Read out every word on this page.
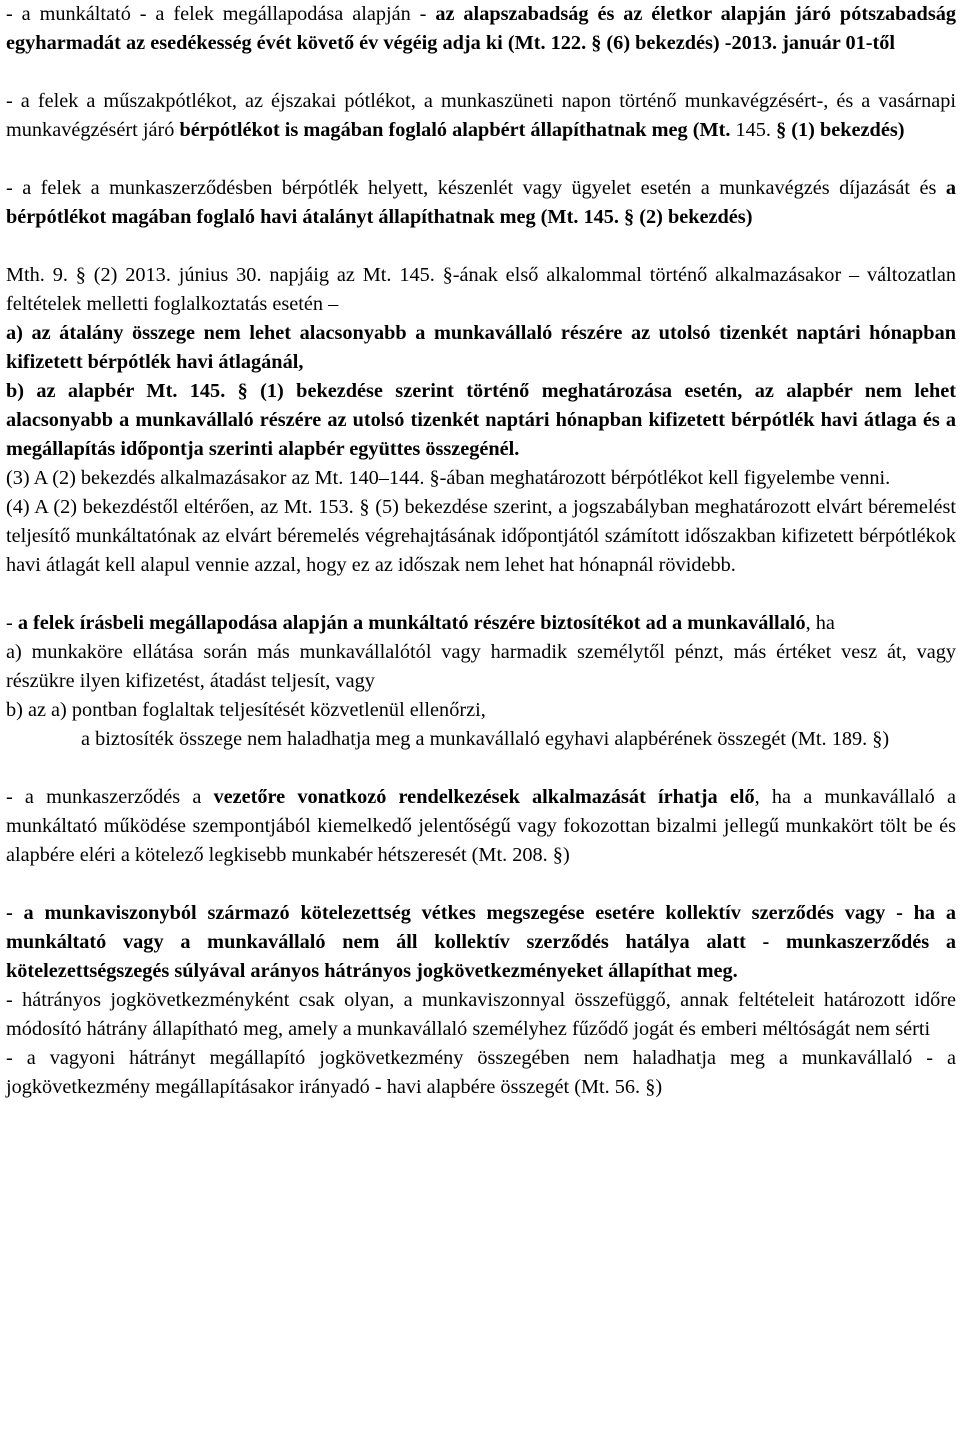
- a munkáltató - a felek megállapodása alapján - az alapszabadság és az életkor alapján járó pótszabadság egyharmadát az esedékesség évét követő év végéig adja ki (Mt. 122. § (6) bekezdés) -2013. január 01-től

- a felek a műszakpótlékot, az éjszakai pótlékot, a munkaszüneti napon történő munkavégzésért-, és a vasárnapi munkavégzésért járó bérpótlékot is magában foglaló alapbért állapíthatnak meg (Mt. 145. § (1) bekezdés)

- a felek a munkaszerződésben bérpótlék helyett, készenlét vagy ügyelet esetén a munkavégzés díjazását és a bérpótlékot magában foglaló havi átalányt állapíthatnak meg (Mt. 145. § (2) bekezdés)

Mth. 9. § (2) 2013. június 30. napjáig az Mt. 145. §-ának első alkalommal történő alkalmazásakor – változatlan feltételek melletti foglalkoztatás esetén –

a) az átalány összege nem lehet alacsonyabb a munkavállaló részére az utolsó tizenkét naptári hónapban kifizetett bérpótlék havi átlagánál,

b) az alapbér Mt. 145. § (1) bekezdése szerint történő meghatározása esetén, az alapbér nem lehet alacsonyabb a munkavállaló részére az utolsó tizenkét naptári hónapban kifizetett bérpótlék havi átlaga és a megállapítás időpontja szerinti alapbér együttes összegénél.

(3) A (2) bekezdés alkalmazásakor az Mt. 140–144. §-ában meghatározott bérpótlékot kell figyelembe venni.

(4) A (2) bekezdéstől eltérően, az Mt. 153. § (5) bekezdése szerint, a jogszabályban meghatározott elvárt béremelést teljesítő munkáltatónak az elvárt béremelés végrehajtásának időpontjától számított időszakban kifizetett bérpótlékok havi átlagát kell alapul vennie azzal, hogy ez az időszak nem lehet hat hónapnál rövidebb.

- a felek írásbeli megállapodása alapján a munkáltató részére biztosítékot ad a munkavállaló, ha

a) munkaköre ellátása során más munkavállalótól vagy harmadik személytől pénzt, más értéket vesz át, vagy részükre ilyen kifizetést, átadást teljesít, vagy

b) az a) pontban foglaltak teljesítését közvetlenül ellenőrzi,

a biztosíték összege nem haladhatja meg a munkavállaló egyhavi alapbérének összegét (Mt. 189. §)

- a munkaszerződés a vezetőre vonatkozó rendelkezések alkalmazását írhatja elő, ha a munkavállaló a munkáltató működése szempontjából kiemelkedő jelentőségű vagy fokozottan bizalmi jellegű munkakört tölt be és alapbére eléri a kötelező legkisebb munkabér hétszeresét (Mt. 208. §)

- a munkaviszonyból származó kötelezettség vétkes megszegése esetére kollektív szerződés vagy - ha a munkáltató vagy a munkavállaló nem áll kollektív szerződés hatálya alatt - munkaszerződés a kötelezettségszegés súlyával arányos hátrányos jogkövetkezményeket állapíthat meg.

- hátrányos jogkövetkezményként csak olyan, a munkaviszonnyal összefüggő, annak feltételeit határozott időre módosító hátrány állapítható meg, amely a munkavállaló személyhez fűződő jogát és emberi méltóságát nem sérti

- a vagyoni hátrányt megállapító jogkövetkezmény összegében nem haladhatja meg a munkavállaló - a jogkövetkezmény megállapításakor irányadó - havi alapbére összegét (Mt. 56. §)
